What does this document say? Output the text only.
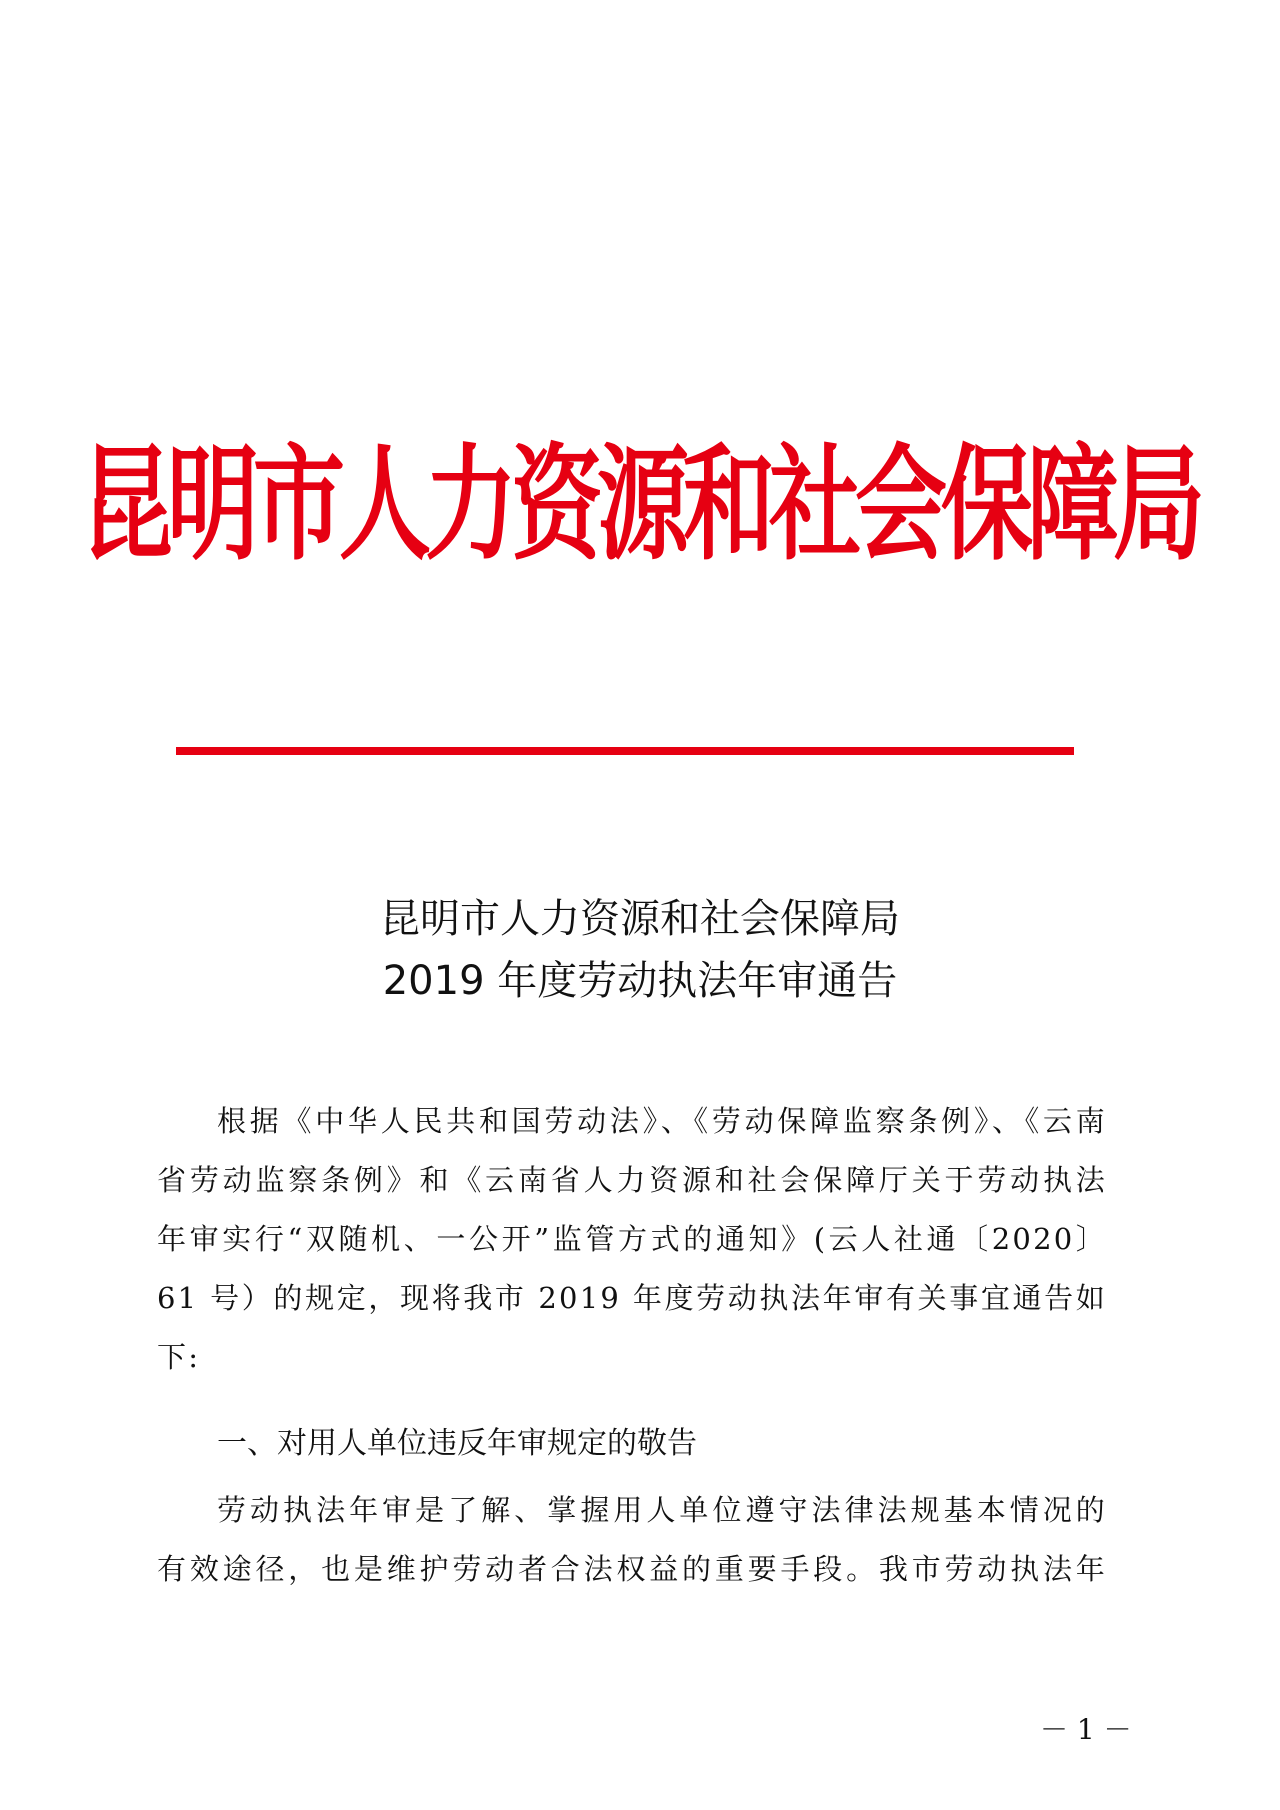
昆明市人力资源和社会保障局
昆明市人力资源和社会保障局
2019 年度劳动执法年审通告
根据《中华人民共和国劳动法》、《劳动保障监察条例》、《云南
省劳动监察条例》和《云南省人力资源和社会保障厅关于劳动执法
年审实行“双随机、一公开”监管方式的通知》(云人社通〔2020〕
61 号）的规定，现将我市 2019 年度劳动执法年审有关事宜通告如
下:
一、对用人单位违反年审规定的敬告
劳动执法年审是了解、掌握用人单位遵守法律法规基本情况的
有效途径，也是维护劳动者合法权益的重要手段。我市劳动执法年
－ 1 －
